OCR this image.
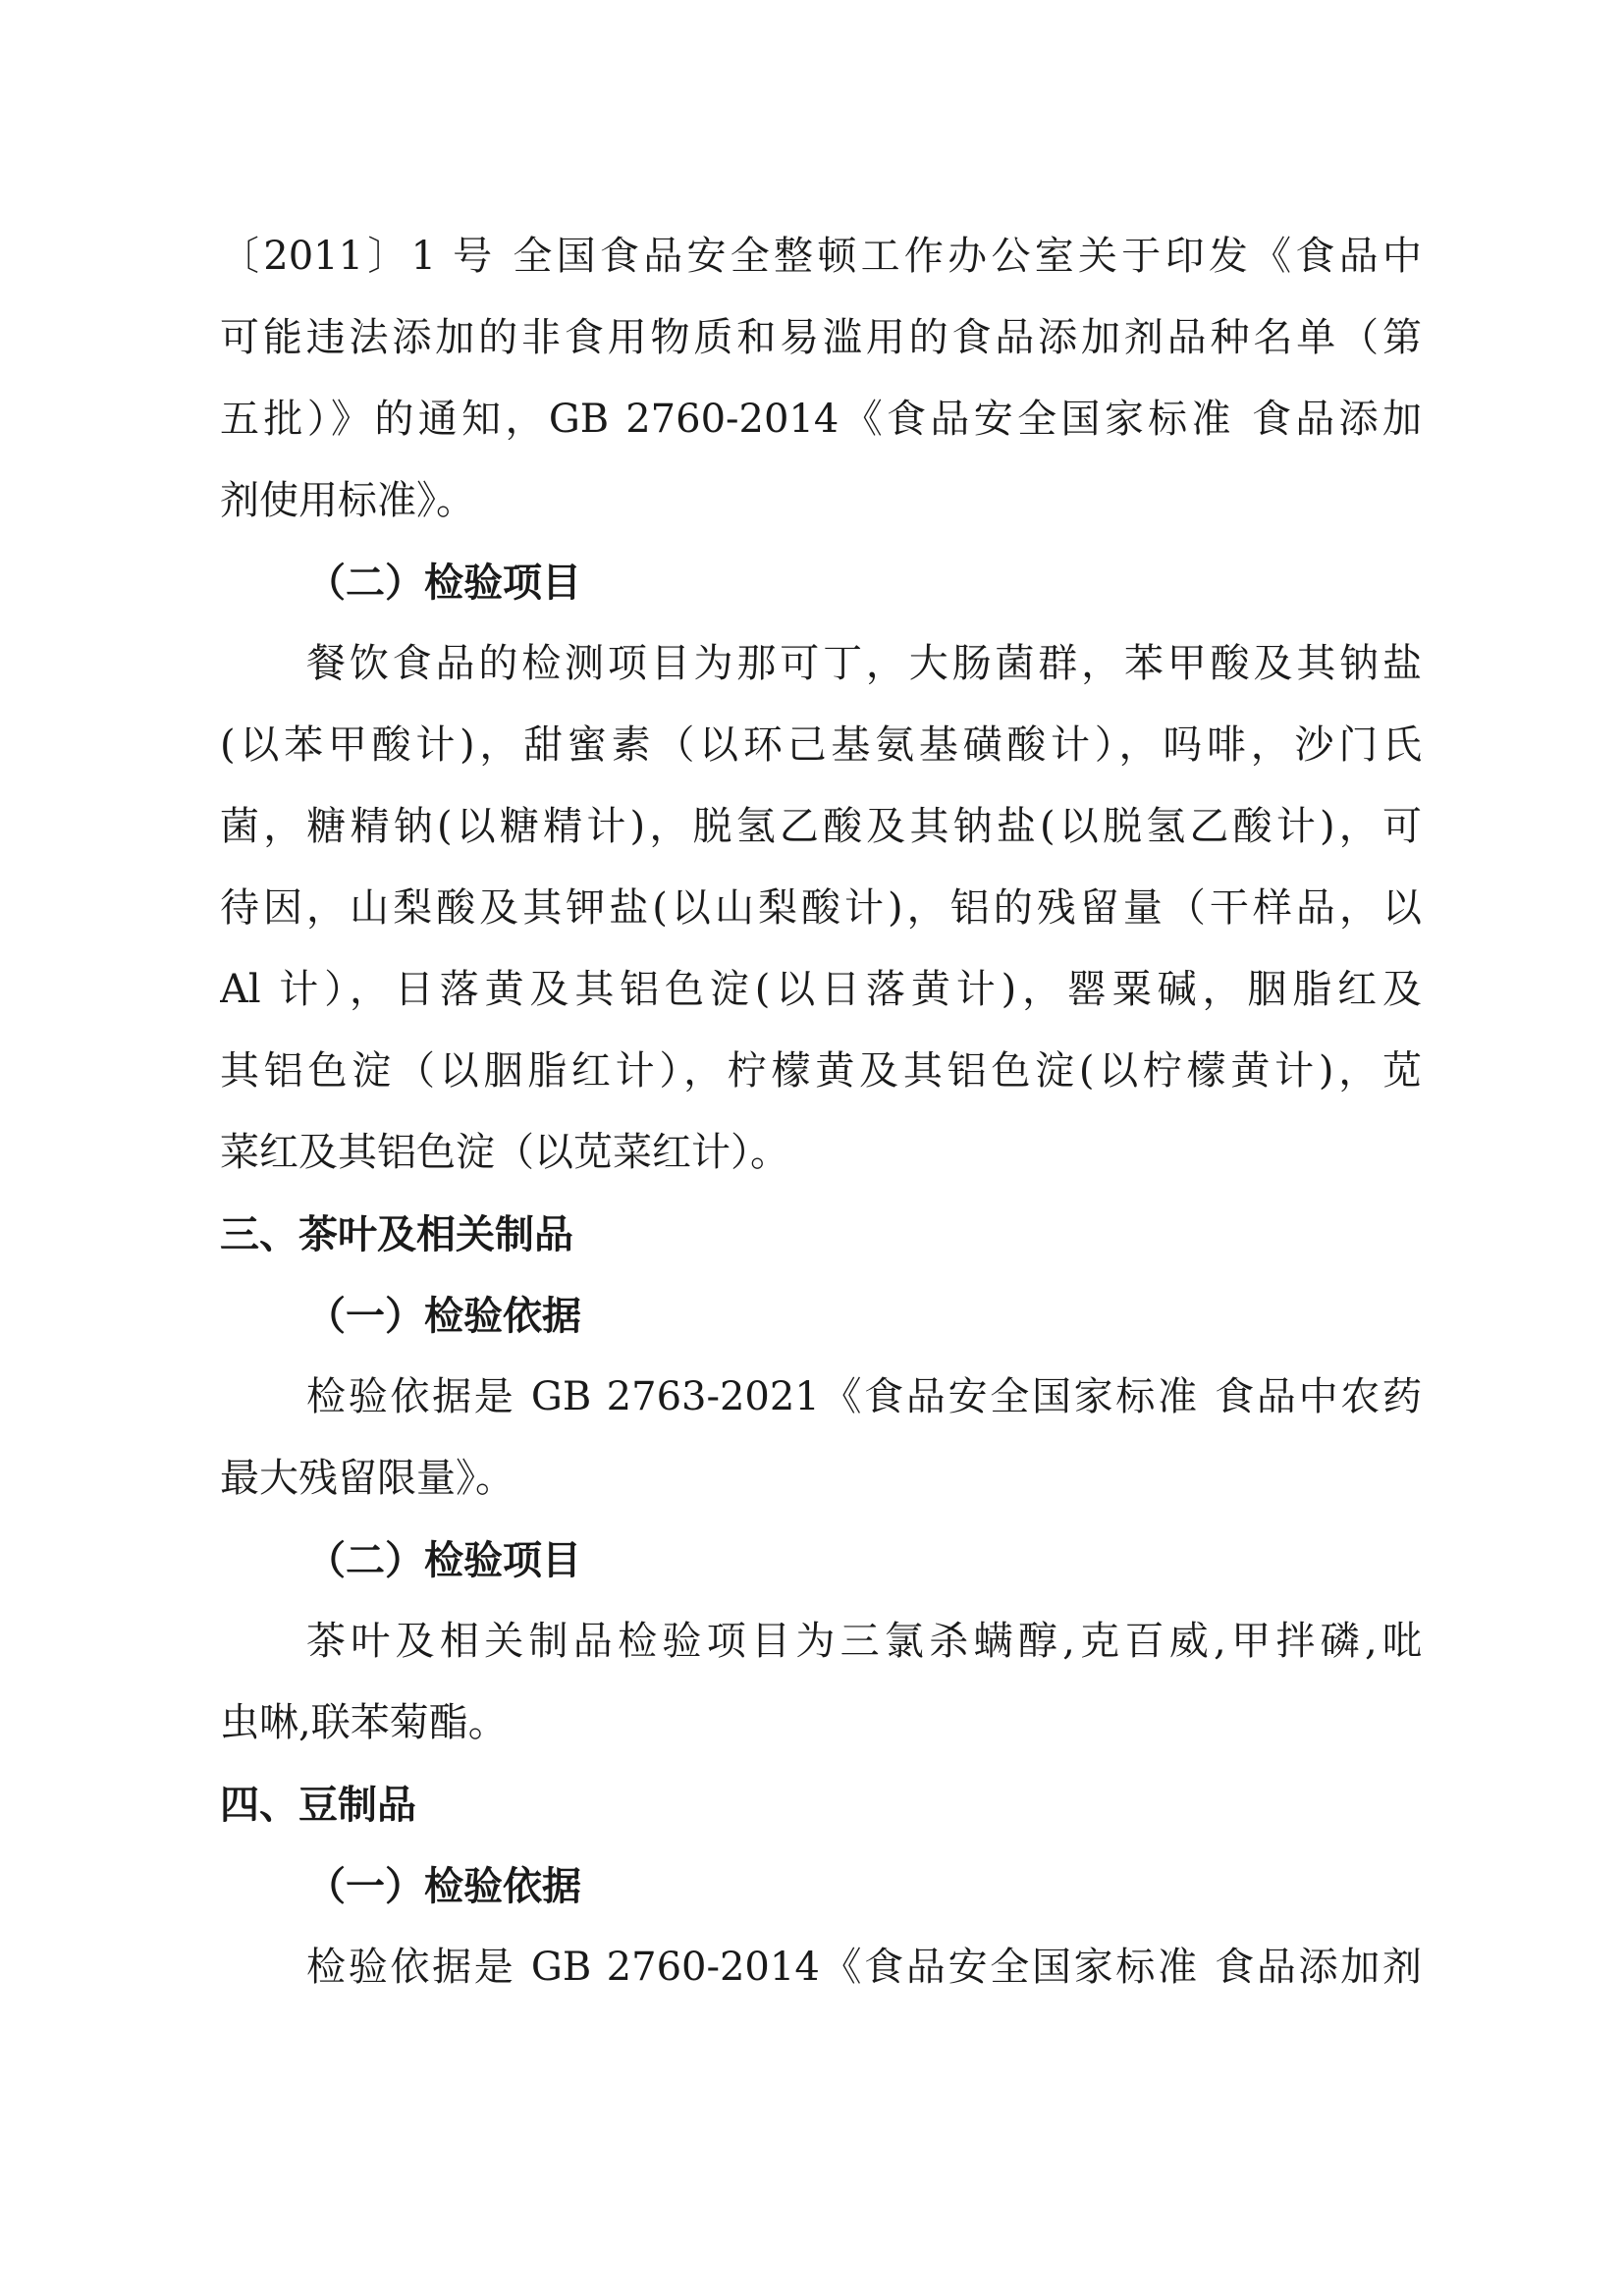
〔2011〕1 号 全国食品安全整顿工作办公室关于印发《食品中
可能违法添加的非食用物质和易滥用的食品添加剂品种名单（第
五批）》的通知，GB 2760-2014《食品安全国家标准 食品添加
剂使用标准》。
（二）检验项目
餐饮食品的检测项目为那可丁，大肠菌群，苯甲酸及其钠盐
(以苯甲酸计)，甜蜜素（以环己基氨基磺酸计），吗啡，沙门氏
菌，糖精钠(以糖精计)，脱氢乙酸及其钠盐(以脱氢乙酸计)，可
待因，山梨酸及其钾盐(以山梨酸计)，铝的残留量（干样品，以
Al 计），日落黄及其铝色淀(以日落黄计)，罂粟碱，胭脂红及
其铝色淀（以胭脂红计），柠檬黄及其铝色淀(以柠檬黄计)，苋
菜红及其铝色淀（以苋菜红计）。
三、茶叶及相关制品
（一）检验依据
检验依据是 GB 2763-2021《食品安全国家标准 食品中农药
最大残留限量》。
（二）检验项目
茶叶及相关制品检验项目为三氯杀螨醇,克百威,甲拌磷,吡
虫啉,联苯菊酯。
四、豆制品
（一）检验依据
检验依据是 GB 2760-2014《食品安全国家标准 食品添加剂
